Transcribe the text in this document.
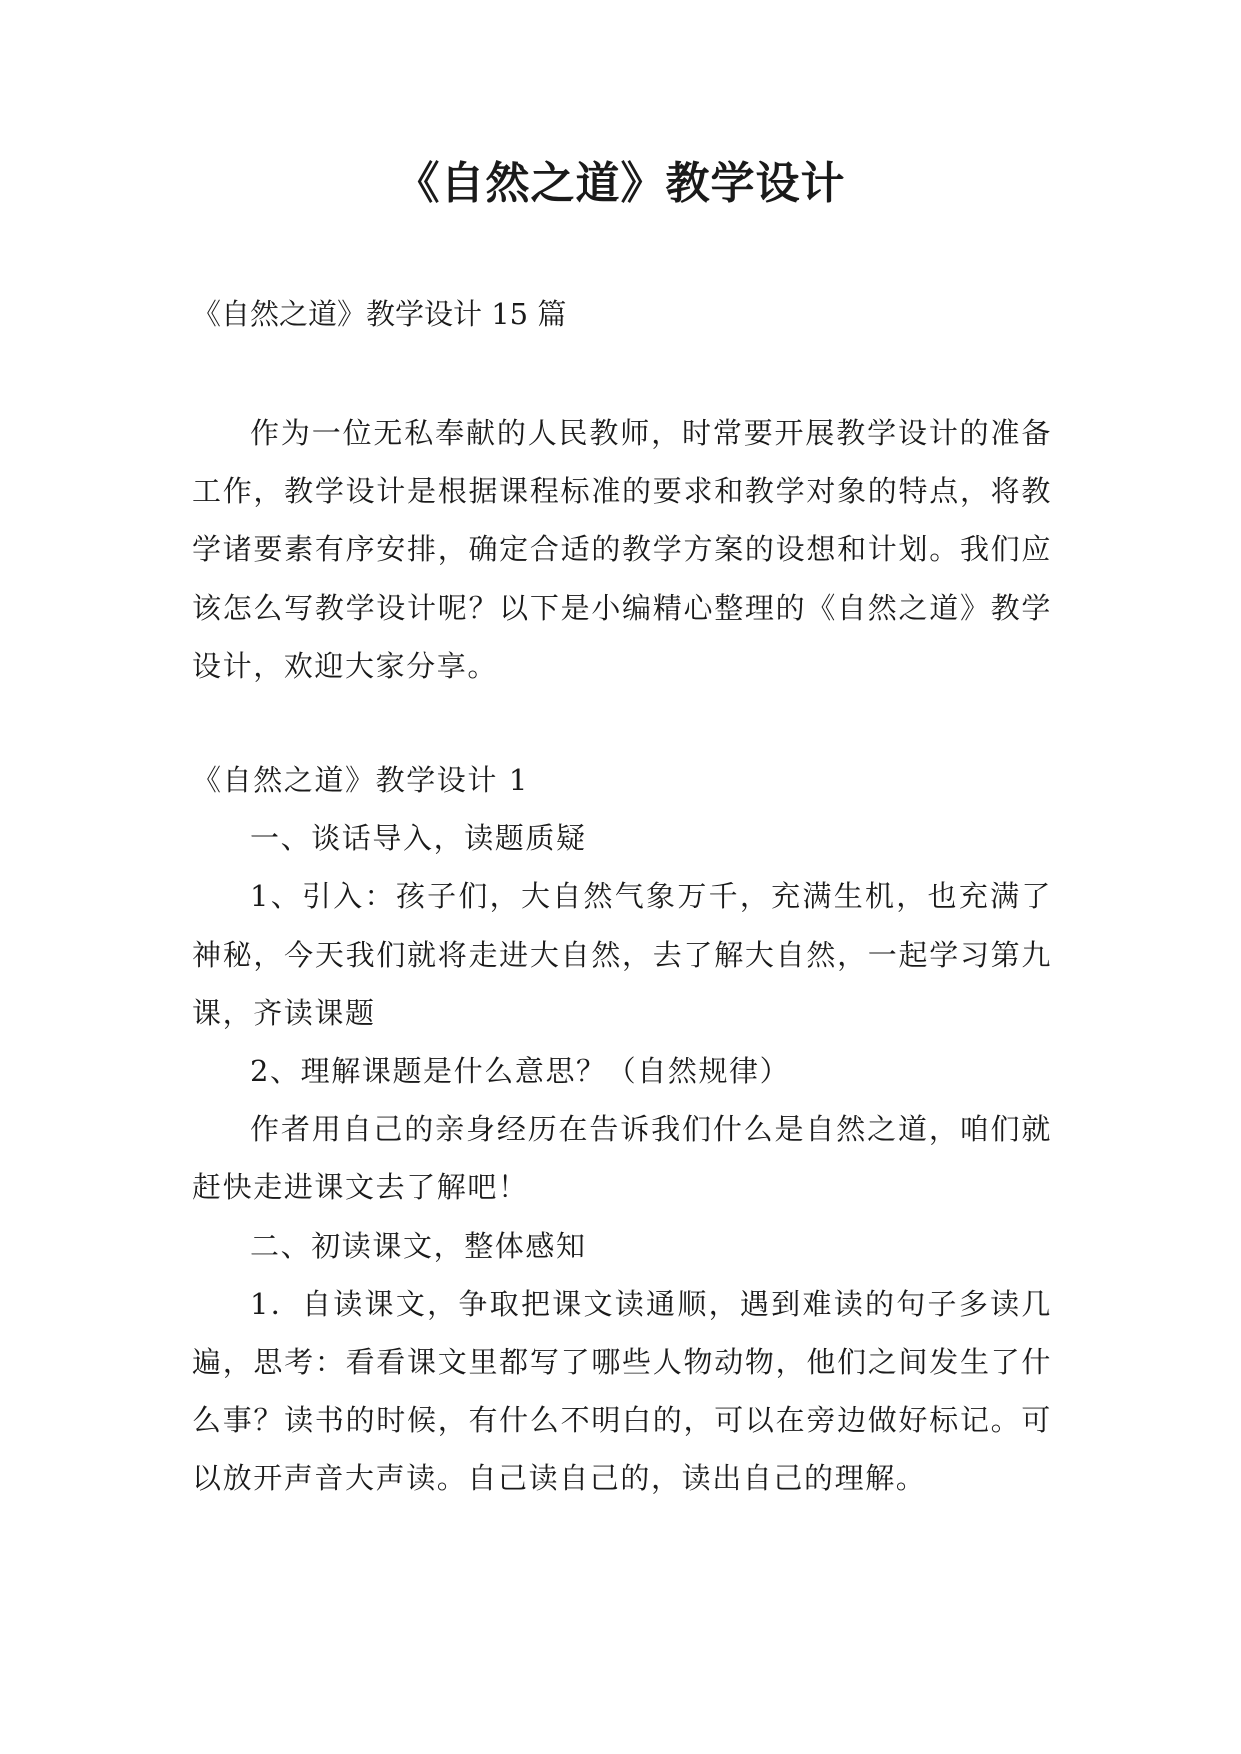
《自然之道》教学设计

《自然之道》教学设计 15 篇

作为一位无私奉献的人民教师，时常要开展教学设计的准备工作，教学设计是根据课程标准的要求和教学对象的特点，将教学诸要素有序安排，确定合适的教学方案的设想和计划。我们应该怎么写教学设计呢？以下是小编精心整理的《自然之道》教学设计，欢迎大家分享。

《自然之道》教学设计 1

一、谈话导入，读题质疑

1、引入：孩子们，大自然气象万千，充满生机，也充满了神秘，今天我们就将走进大自然，去了解大自然，一起学习第九课，齐读课题

2、理解课题是什么意思？（自然规律）

作者用自己的亲身经历在告诉我们什么是自然之道，咱们就赶快走进课文去了解吧！

二、初读课文，整体感知

1．自读课文，争取把课文读通顺，遇到难读的句子多读几遍，思考：看看课文里都写了哪些人物动物，他们之间发生了什么事？读书的时候，有什么不明白的，可以在旁边做好标记。可以放开声音大声读。自己读自己的，读出自己的理解。
